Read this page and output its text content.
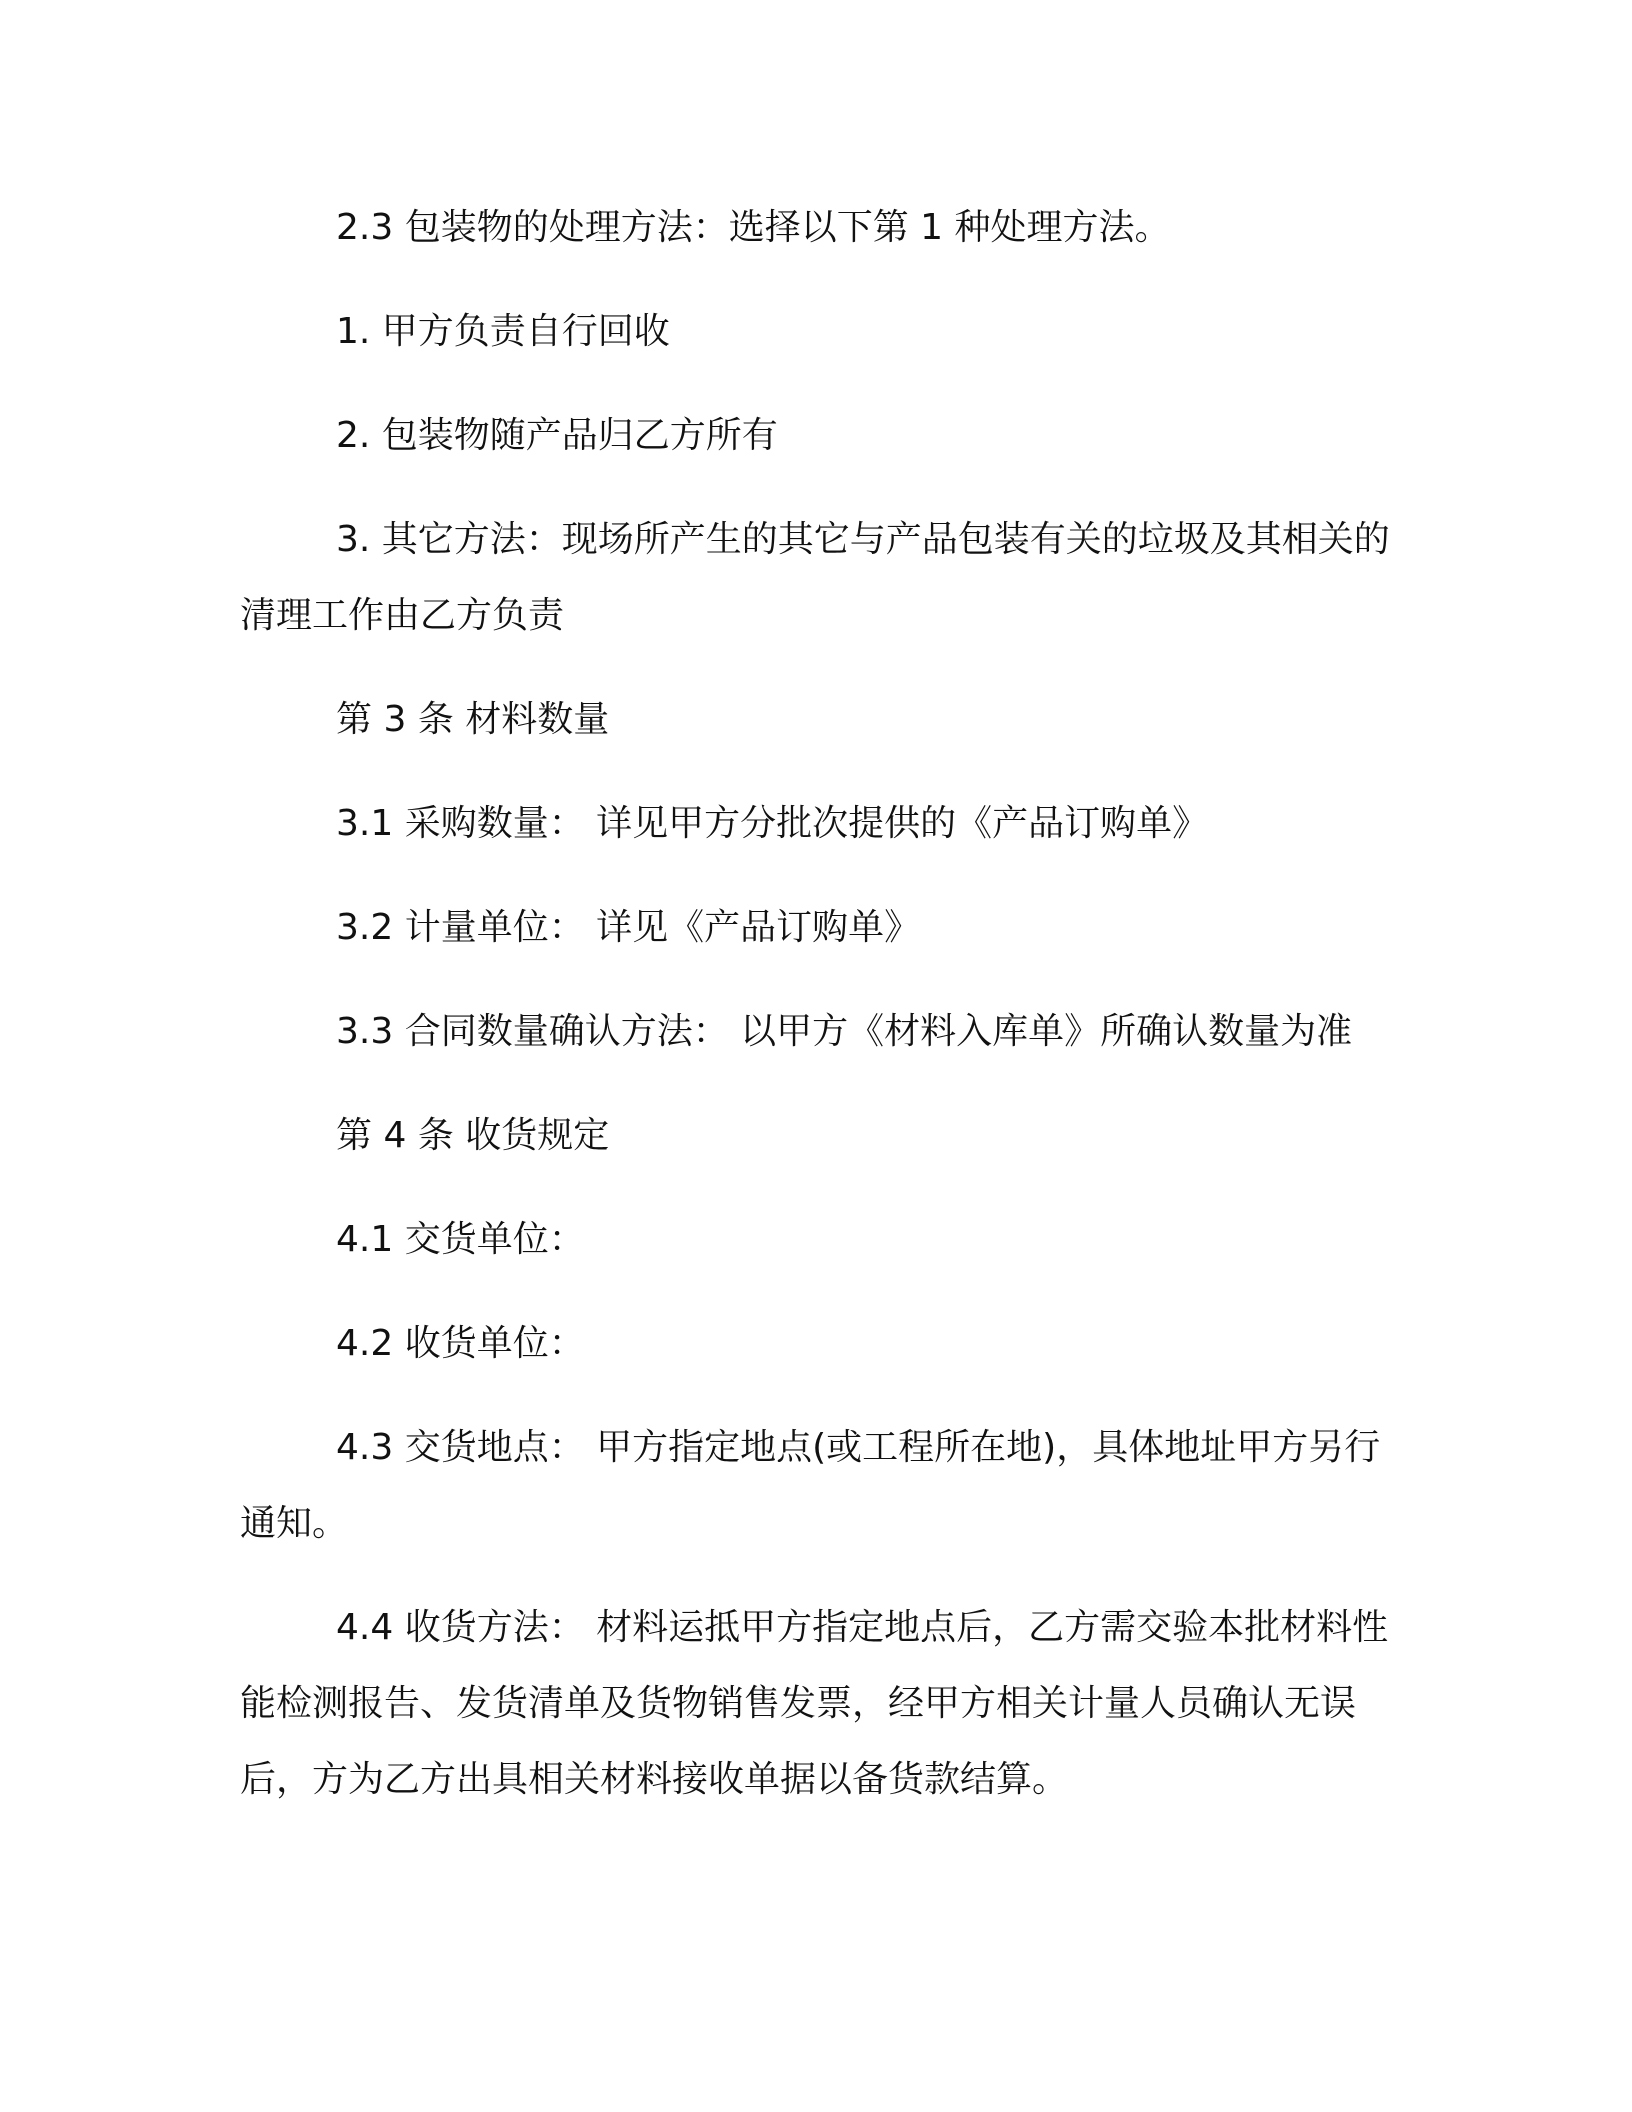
2.3 包装物的处理方法：选择以下第 1 种处理方法。

1. 甲方负责自行回收

2. 包装物随产品归乙方所有

3. 其它方法：现场所产生的其它与产品包装有关的垃圾及其相关的清理工作由乙方负责

第 3 条 材料数量

3.1 采购数量： 详见甲方分批次提供的《产品订购单》

3.2 计量单位： 详见《产品订购单》

3.3 合同数量确认方法： 以甲方《材料入库单》所确认数量为准

第 4 条 收货规定

4.1 交货单位：

4.2 收货单位：

4.3 交货地点： 甲方指定地点(或工程所在地)，具体地址甲方另行通知。

4.4 收货方法： 材料运抵甲方指定地点后，乙方需交验本批材料性能检测报告、发货清单及货物销售发票，经甲方相关计量人员确认无误后，方为乙方出具相关材料接收单据以备货款结算。
